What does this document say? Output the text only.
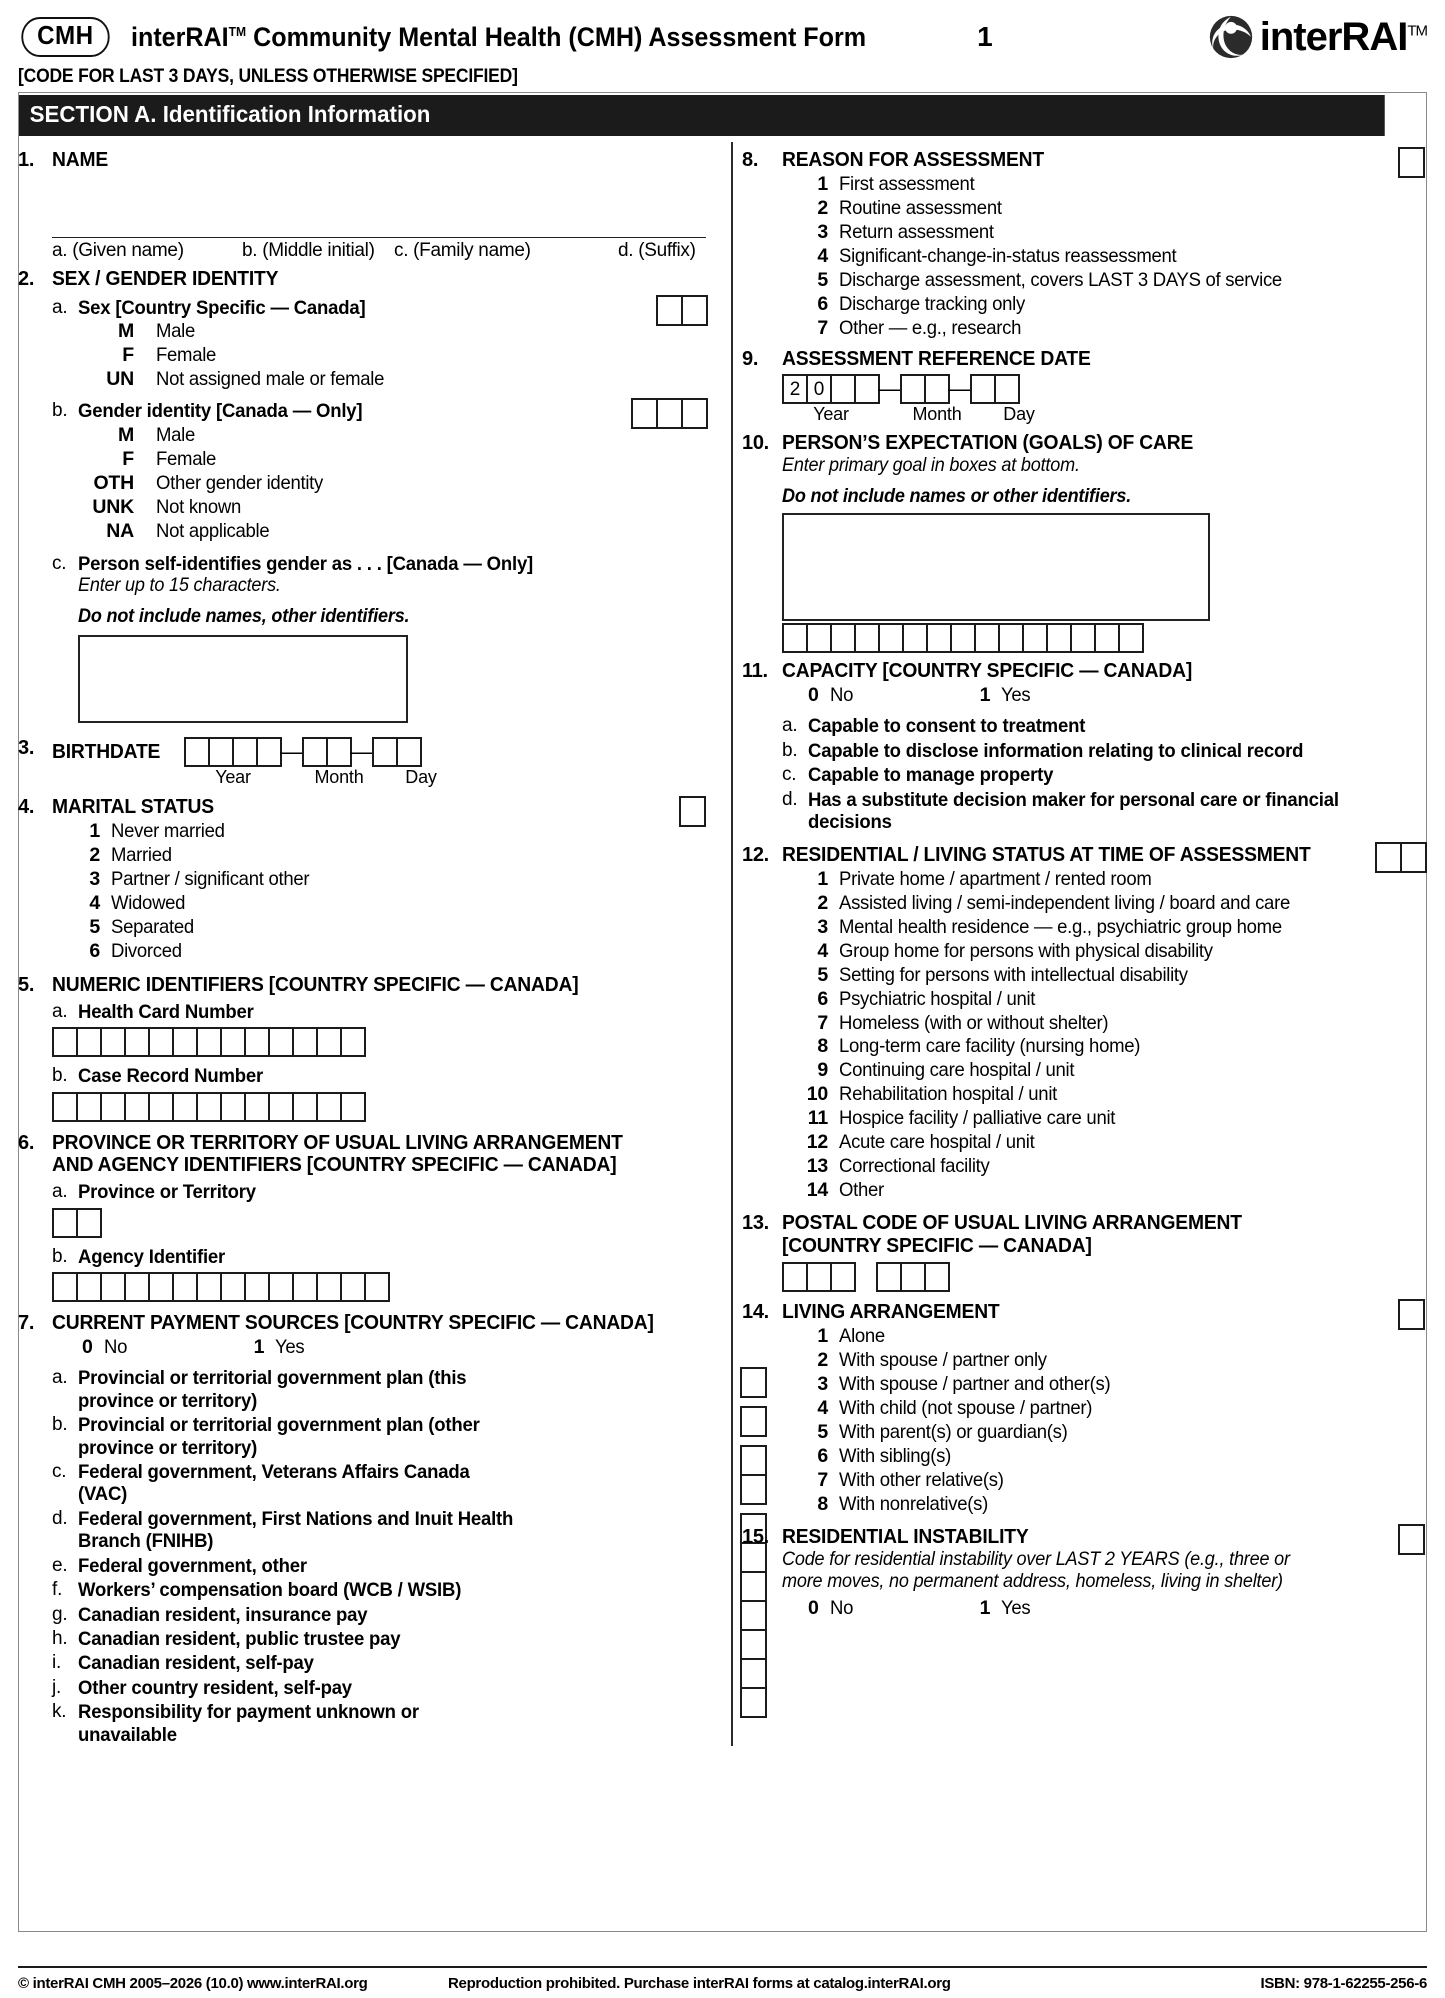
CMH	interRAI™ Community Mental Health (CMH) Assessment Form	1	interRAI™
[CODE FOR LAST 3 DAYS, UNLESS OTHERWISE SPECIFIED]
SECTION A. Identification Information
1. NAME
a. (Given name)	b. (Middle initial)	c. (Family name)	d. (Suffix)
2. SEX / GENDER IDENTITY
a. Sex [Country Specific — Canada]
M Male
F Female
UN Not assigned male or female
b. Gender identity [Canada — Only]
M Male
F Female
OTH Other gender identity
UNK Not known
NA Not applicable
c. Person self-identifies gender as . . . [Canada — Only]
Enter up to 15 characters.
Do not include names, other identifiers.
3. BIRTHDATE	— —
Year	Month	Day
4. MARITAL STATUS
1 Never married
2 Married
3 Partner / significant other
4 Widowed
5 Separated
6 Divorced
5. NUMERIC IDENTIFIERS [COUNTRY SPECIFIC — CANADA]
a. Health Card Number
b. Case Record Number
6. PROVINCE OR TERRITORY OF USUAL LIVING ARRANGEMENT AND AGENCY IDENTIFIERS [COUNTRY SPECIFIC — CANADA]
a. Province or Territory
b. Agency Identifier
7. CURRENT PAYMENT SOURCES [COUNTRY SPECIFIC — CANADA]
0 No	1 Yes
a. Provincial or territorial government plan (this province or territory)
b. Provincial or territorial government plan (other province or territory)
c. Federal government, Veterans Affairs Canada (VAC)
d. Federal government, First Nations and Inuit Health Branch (FNIHB)
e. Federal government, other
f. Workers’ compensation board (WCB / WSIB)
g. Canadian resident, insurance pay
h. Canadian resident, public trustee pay
i. Canadian resident, self-pay
j. Other country resident, self-pay
k. Responsibility for payment unknown or unavailable
8.	REASON FOR ASSESSMENT
1 First assessment
2 Routine assessment
3 Return assessment
4 Significant-change-in-status reassessment
5 Discharge assessment, covers LAST 3 DAYS of service
6 Discharge tracking only
7 Other — e.g., research
9.	ASSESSMENT REFERENCE DATE
2 0	— —
Year	Month	Day
10. PERSON’S EXPECTATION (GOALS) OF CARE
Enter primary goal in boxes at bottom.
Do not include names or other identifiers.
11. CAPACITY [COUNTRY SPECIFIC — CANADA]
0 No	1 Yes
a. Capable to consent to treatment
b. Capable to disclose information relating to clinical record
c. Capable to manage property
d. Has a substitute decision maker for personal care or financial decisions
12. RESIDENTIAL / LIVING STATUS AT TIME OF ASSESSMENT
1 Private home / apartment / rented room
2 Assisted living / semi-independent living / board and care
3 Mental health residence — e.g., psychiatric group home
4 Group home for persons with physical disability
5 Setting for persons with intellectual disability
6 Psychiatric hospital / unit
7 Homeless (with or without shelter)
8 Long-term care facility (nursing home)
9 Continuing care hospital / unit
10 Rehabilitation hospital / unit
11 Hospice facility / palliative care unit
12 Acute care hospital / unit
13 Correctional facility
14 Other
13. POSTAL CODE OF USUAL LIVING ARRANGEMENT [COUNTRY SPECIFIC — CANADA]
14. LIVING ARRANGEMENT
1 Alone
2 With spouse / partner only
3 With spouse / partner and other(s)
4 With child (not spouse / partner)
5 With parent(s) or guardian(s)
6 With sibling(s)
7 With other relative(s)
8 With nonrelative(s)
15. RESIDENTIAL INSTABILITY
Code for residential instability over LAST 2 YEARS (e.g., three or more moves, no permanent address, homeless, living in shelter)
0 No	1 Yes
© interRAI CMH 2005–2026 (10.0) www.interRAI.org	Reproduction prohibited. Purchase interRAI forms at catalog.interRAI.org	ISBN: 978-1-62255-256-6
